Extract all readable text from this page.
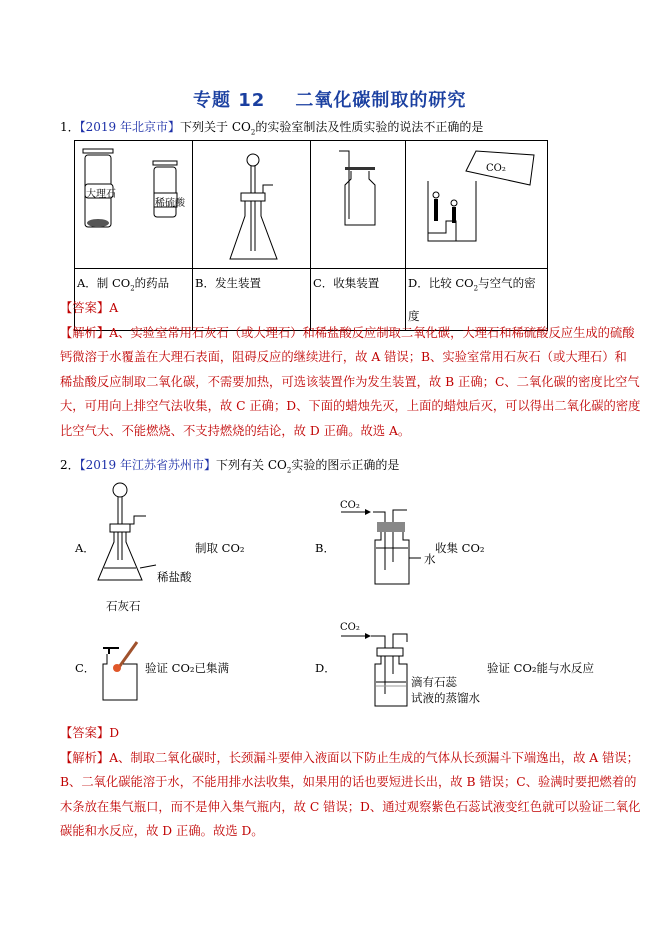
专题 12 二氧化碳制取的研究
1．【2019 年北京市】下列关于 $CO_2$的实验室制法及性质实验的说法不正确的是
大理石
稀硫酸			CO₂

A．制 $CO_2$的药品	B．发生装置	C．收集装置	D．比较 $CO_2$与空气的密度
【答案】A
【解析】A、实验室常用石灰石（或大理石）和稀盐酸反应制取二氧化碳，大理石和稀硫酸反应生成的硫酸
钙微溶于水覆盖在大理石表面，阻碍反应的继续进行，故 A 错误；B、实验室常用石灰石（或大理石）和
稀盐酸反应制取二氧化碳，不需要加热，可选该装置作为发生装置，故 B 正确；C、二氧化碳的密度比空气
大，可用向上排空气法收集，故 C 正确；D、下面的蜡烛先灭，上面的蜡烛后灭，可以得出二氧化碳的密度
比空气大、不能燃烧、不支持燃烧的结论，故 D 正确。故选 A。
2．【2019 年江苏省苏州市】下列有关 $CO_2$实验的图示正确的是
稀盐酸
石灰石
A．	制取 CO₂
CO₂
水
B．	收集 CO₂
C．	验证 CO₂已集满
CO₂
滴有石蕊
试液的蒸馏水
D．	验证 CO₂能与水反应
【答案】D
【解析】A、制取二氧化碳时，长颈漏斗要伸入液面以下防止生成的气体从长颈漏斗下端逸出，故 A 错误；
B、二氧化碳能溶于水，不能用排水法收集，如果用的话也要短进长出，故 B 错误；C、验满时要把燃着的
木条放在集气瓶口，而不是伸入集气瓶内，故 C 错误；D、通过观察紫色石蕊试液变红色就可以验证二氧化
碳能和水反应，故 D 正确。故选 D。
